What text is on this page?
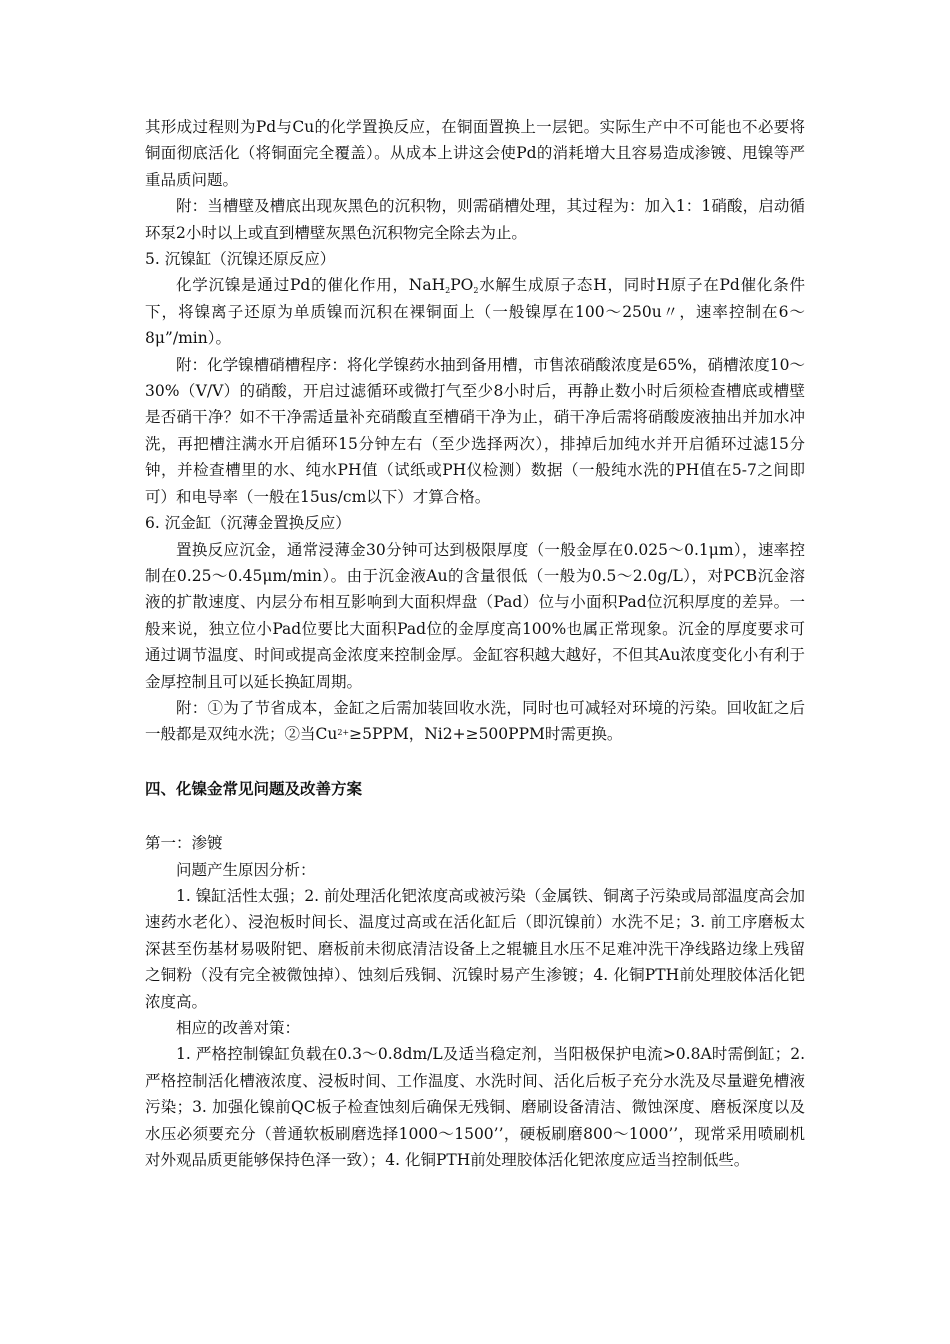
其形成过程则为Pd与Cu的化学置换反应，在铜面置换上一层钯。实际生产中不可能也不必要将铜面彻底活化（将铜面完全覆盖）。从成本上讲这会使Pd的消耗增大且容易造成渗镀、甩镍等严重品质问题。

附：当槽壁及槽底出现灰黑色的沉积物，则需硝槽处理，其过程为：加入1：1硝酸，启动循环泵2小时以上或直到槽壁灰黑色沉积物完全除去为止。

5. 沉镍缸（沉镍还原反应）

化学沉镍是通过Pd的催化作用，$NaH_2PO_2$水解生成原子态H，同时H原子在Pd催化条件下，将镍离子还原为单质镍而沉积在裸铜面上（一般镍厚在100～250u〃，速率控制在6～8μ”/min）。

附：化学镍槽硝槽程序：将化学镍药水抽到备用槽，市售浓硝酸浓度是65%，硝槽浓度10～30%（V/V）的硝酸，开启过滤循环或微打气至少8小时后，再静止数小时后须检查槽底或槽壁是否硝干净？如不干净需适量补充硝酸直至槽硝干净为止，硝干净后需将硝酸废液抽出并加水冲洗，再把槽注满水开启循环15分钟左右（至少选择两次），排掉后加纯水并开启循环过滤15分钟，并检查槽里的水、纯水PH值（试纸或PH仪检测）数据（一般纯水洗的PH值在5-7之间即可）和电导率（一般在15us/cm以下）才算合格。

6. 沉金缸（沉薄金置换反应）

置换反应沉金，通常浸薄金30分钟可达到极限厚度（一般金厚在0.025～0.1μm），速率控制在0.25～0.45μm/min）。由于沉金液Au的含量很低（一般为0.5～2.0g/L），对PCB沉金溶液的扩散速度、内层分布相互影响到大面积焊盘（Pad）位与小面积Pad位沉积厚度的差异。一般来说，独立位小Pad位要比大面积Pad位的金厚度高100%也属正常现象。沉金的厚度要求可通过调节温度、时间或提高金浓度来控制金厚。金缸容积越大越好，不但其Au浓度变化小有利于金厚控制且可以延长换缸周期。

附：①为了节省成本，金缸之后需加装回收水洗，同时也可减轻对环境的污染。回收缸之后一般都是双纯水洗；②当$Cu^{2+}\ge 5PPM$，Ni2+≥500PPM时需更换。

四、化镍金常见问题及改善方案

第一：渗镀

问题产生原因分析：

1. 镍缸活性太强；2. 前处理活化钯浓度高或被污染（金属铁、铜离子污染或局部温度高会加速药水老化）、浸泡板时间长、温度过高或在活化缸后（即沉镍前）水洗不足；3. 前工序磨板太深甚至伤基材易吸附钯、磨板前未彻底清洁设备上之辊辘且水压不足难冲洗干净线路边缘上残留之铜粉（没有完全被微蚀掉）、蚀刻后残铜、沉镍时易产生渗镀；4. 化铜PTH前处理胶体活化钯浓度高。

相应的改善对策：

1. 严格控制镍缸负载在0.3～0.8dm/L及适当稳定剂，当阳极保护电流>0.8A时需倒缸；2. 严格控制活化槽液浓度、浸板时间、工作温度、水洗时间、活化后板子充分水洗及尽量避免槽液污染；3. 加强化镍前QC板子检查蚀刻后确保无残铜、磨刷设备清洁、微蚀深度、磨板深度以及水压必须要充分（普通软板刷磨选择1000～1500’’，硬板刷磨800～1000’’，现常采用喷刷机对外观品质更能够保持色泽一致）；4. 化铜PTH前处理胶体活化钯浓度应适当控制低些。
